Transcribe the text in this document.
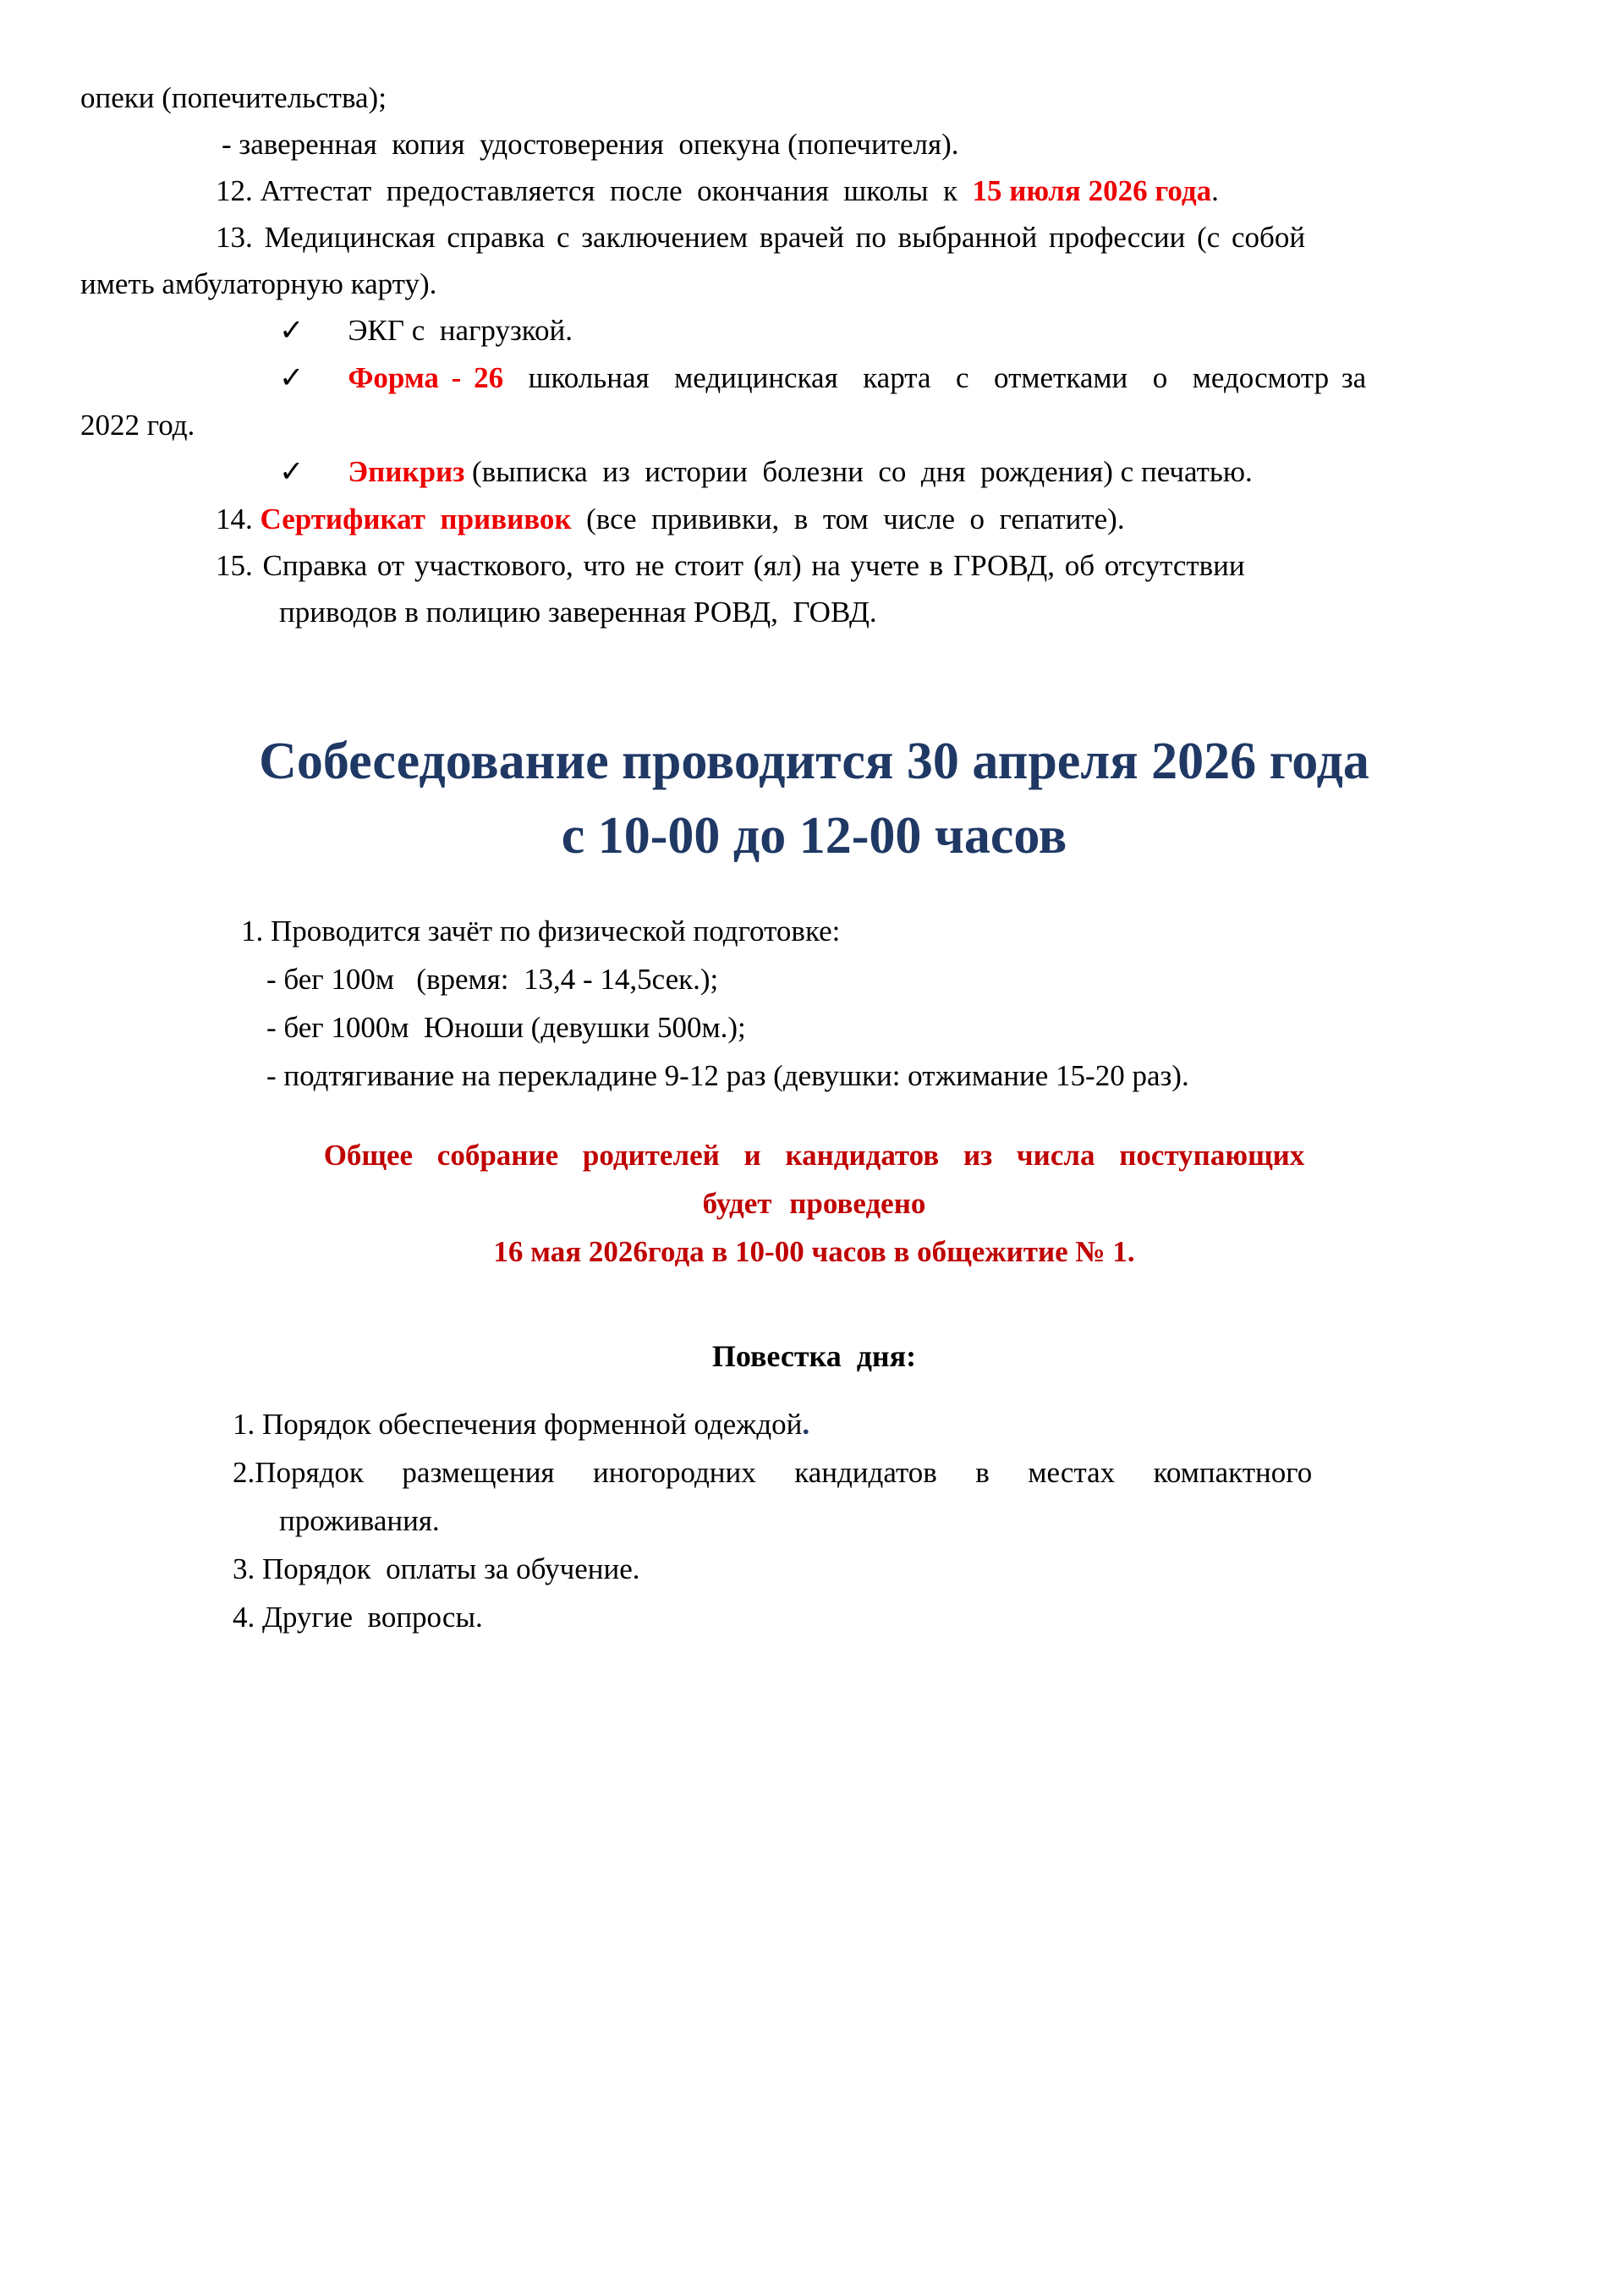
опеки (попечительства);
- заверенная  копия  удостоверения  опекуна (попечителя).
12. Аттестат  предоставляется  после  окончания  школы  к  15 июля 2026 года.
13. Медицинская справка с заключением врачей по выбранной профессии (с собой
иметь амбулаторную карту).
✓ ЭКГ с  нагрузкой.
✓ Форма - 26  школьная  медицинская  карта  с  отметками  о  медосмотр за
2022 год.
✓ Эпикриз (выписка  из  истории  болезни  со  дня  рождения) с печатью.
14. Сертификат  прививок  (все  прививки,  в  том  числе  о  гепатите).
15. Справка от участкового, что не стоит (ял) на учете в ГРОВД, об отсутствии
приводов в полицию заверенная РОВД,  ГОВД.
Собеседование проводится 30 апреля 2026 года
с 10-00 до 12-00 часов
1. Проводится зачёт по физической подготовке:
- бег 100м   (время:  13,4 - 14,5сек.);
- бег 1000м  Юноши (девушки 500м.);
- подтягивание на перекладине 9-12 раз (девушки: отжимание 15-20 раз).
Общее собрание родителей и кандидатов из числа поступающих
будет проведено
16 мая 2026года в 10-00 часов в общежитие № 1.
Повестка  дня:
1. Порядок обеспечения форменной одеждой.
2.Порядок  размещения  иногородних  кандидатов  в  местах  компактного
проживания.
3. Порядок  оплаты за обучение.
4. Другие  вопросы.
